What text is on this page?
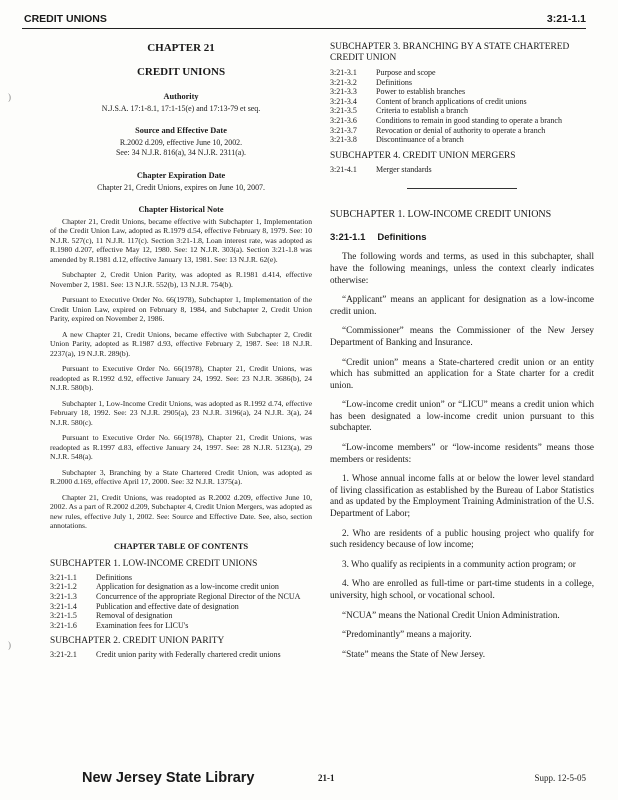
CREDIT UNIONS	3:21-1.1
)
)
CHAPTER 21
CREDIT UNIONS
Authority
N.J.S.A. 17:1-8.1, 17:1-15(e) and 17:13-79 et seq.
Source and Effective Date
R.2002 d.209, effective June 10, 2002.
See: 34 N.J.R. 816(a), 34 N.J.R. 2311(a).
Chapter Expiration Date
Chapter 21, Credit Unions, expires on June 10, 2007.
Chapter Historical Note

Chapter 21, Credit Unions, became effective with Subchapter 1, Implementation of the Credit Union Law, adopted as R.1979 d.54, effective February 8, 1979. See: 10 N.J.R. 527(c), 11 N.J.R. 117(c). Section 3:21-1.8, Loan interest rate, was adopted as R.1980 d.207, effective May 12, 1980. See: 12 N.J.R. 303(a). Section 3:21-1.8 was amended by R.1981 d.12, effective January 13, 1981. See: 13 N.J.R. 62(e).

Subchapter 2, Credit Union Parity, was adopted as R.1981 d.414, effective November 2, 1981. See: 13 N.J.R. 552(b), 13 N.J.R. 754(b).

Pursuant to Executive Order No. 66(1978), Subchapter 1, Implementation of the Credit Union Law, expired on February 8, 1984, and Subchapter 2, Credit Union Parity, expired on November 2, 1986.

A new Chapter 21, Credit Unions, became effective with Subchapter 2, Credit Union Parity, adopted as R.1987 d.93, effective February 2, 1987. See: 18 N.J.R. 2237(a), 19 N.J.R. 289(b).

Pursuant to Executive Order No. 66(1978), Chapter 21, Credit Unions, was readopted as R.1992 d.92, effective January 24, 1992. See: 23 N.J.R. 3686(b), 24 N.J.R. 580(b).

Subchapter 1, Low-Income Credit Unions, was adopted as R.1992 d.74, effective February 18, 1992. See: 23 N.J.R. 2905(a), 23 N.J.R. 3196(a), 24 N.J.R. 3(a), 24 N.J.R. 580(c).

Pursuant to Executive Order No. 66(1978), Chapter 21, Credit Unions, was readopted as R.1997 d.83, effective January 24, 1997. See: 28 N.J.R. 5123(a), 29 N.J.R. 548(a).

Subchapter 3, Branching by a State Chartered Credit Union, was adopted as R.2000 d.169, effective April 17, 2000. See: 32 N.J.R. 1375(a).

Chapter 21, Credit Unions, was readopted as R.2002 d.209, effective June 10, 2002. As a part of R.2002 d.209, Subchapter 4, Credit Union Mergers, was adopted as new rules, effective July 1, 2002. See: Source and Effective Date. See, also, section annotations.

CHAPTER TABLE OF CONTENTS
SUBCHAPTER 1. LOW-INCOME CREDIT UNIONS
3:21-1.1	Definitions
3:21-1.2	Application for designation as a low-income credit union
3:21-1.3	Concurrence of the appropriate Regional Director of the NCUA
3:21-1.4	Publication and effective date of designation
3:21-1.5	Removal of designation
3:21-1.6	Examination fees for LICU's
SUBCHAPTER 2. CREDIT UNION PARITY
3:21-2.1	Credit union parity with Federally chartered credit unions
SUBCHAPTER 3. BRANCHING BY A STATE CHARTERED CREDIT UNION
3:21-3.1	Purpose and scope
3:21-3.2	Definitions
3:21-3.3	Power to establish branches
3:21-3.4	Content of branch applications of credit unions
3:21-3.5	Criteria to establish a branch
3:21-3.6	Conditions to remain in good standing to operate a branch
3:21-3.7	Revocation or denial of authority to operate a branch
3:21-3.8	Discontinuance of a branch
SUBCHAPTER 4. CREDIT UNION MERGERS
3:21-4.1	Merger standards
SUBCHAPTER 1. LOW-INCOME CREDIT UNIONS
3:21-1.1 Definitions

The following words and terms, as used in this subchapter, shall have the following meanings, unless the context clearly indicates otherwise:

“Applicant” means an applicant for designation as a low-income credit union.

“Commissioner” means the Commissioner of the New Jersey Department of Banking and Insurance.

“Credit union” means a State-chartered credit union or an entity which has submitted an application for a State charter for a credit union.

“Low-income credit union” or “LICU” means a credit union which has been designated a low-income credit union pursuant to this subchapter.

“Low-income members” or “low-income residents” means those members or residents:

1. Whose annual income falls at or below the lower level standard of living classification as established by the Bureau of Labor Statistics and as updated by the Employment Training Administration of the U.S. Department of Labor;

2. Who are residents of a public housing project who qualify for such residency because of low income;

3. Who qualify as recipients in a community action program; or

4. Who are enrolled as full-time or part-time students in a college, university, high school, or vocational school.

“NCUA” means the National Credit Union Administration.

“Predominantly” means a majority.

“State” means the State of New Jersey.

New Jersey State Library	21-1	Supp. 12-5-05
